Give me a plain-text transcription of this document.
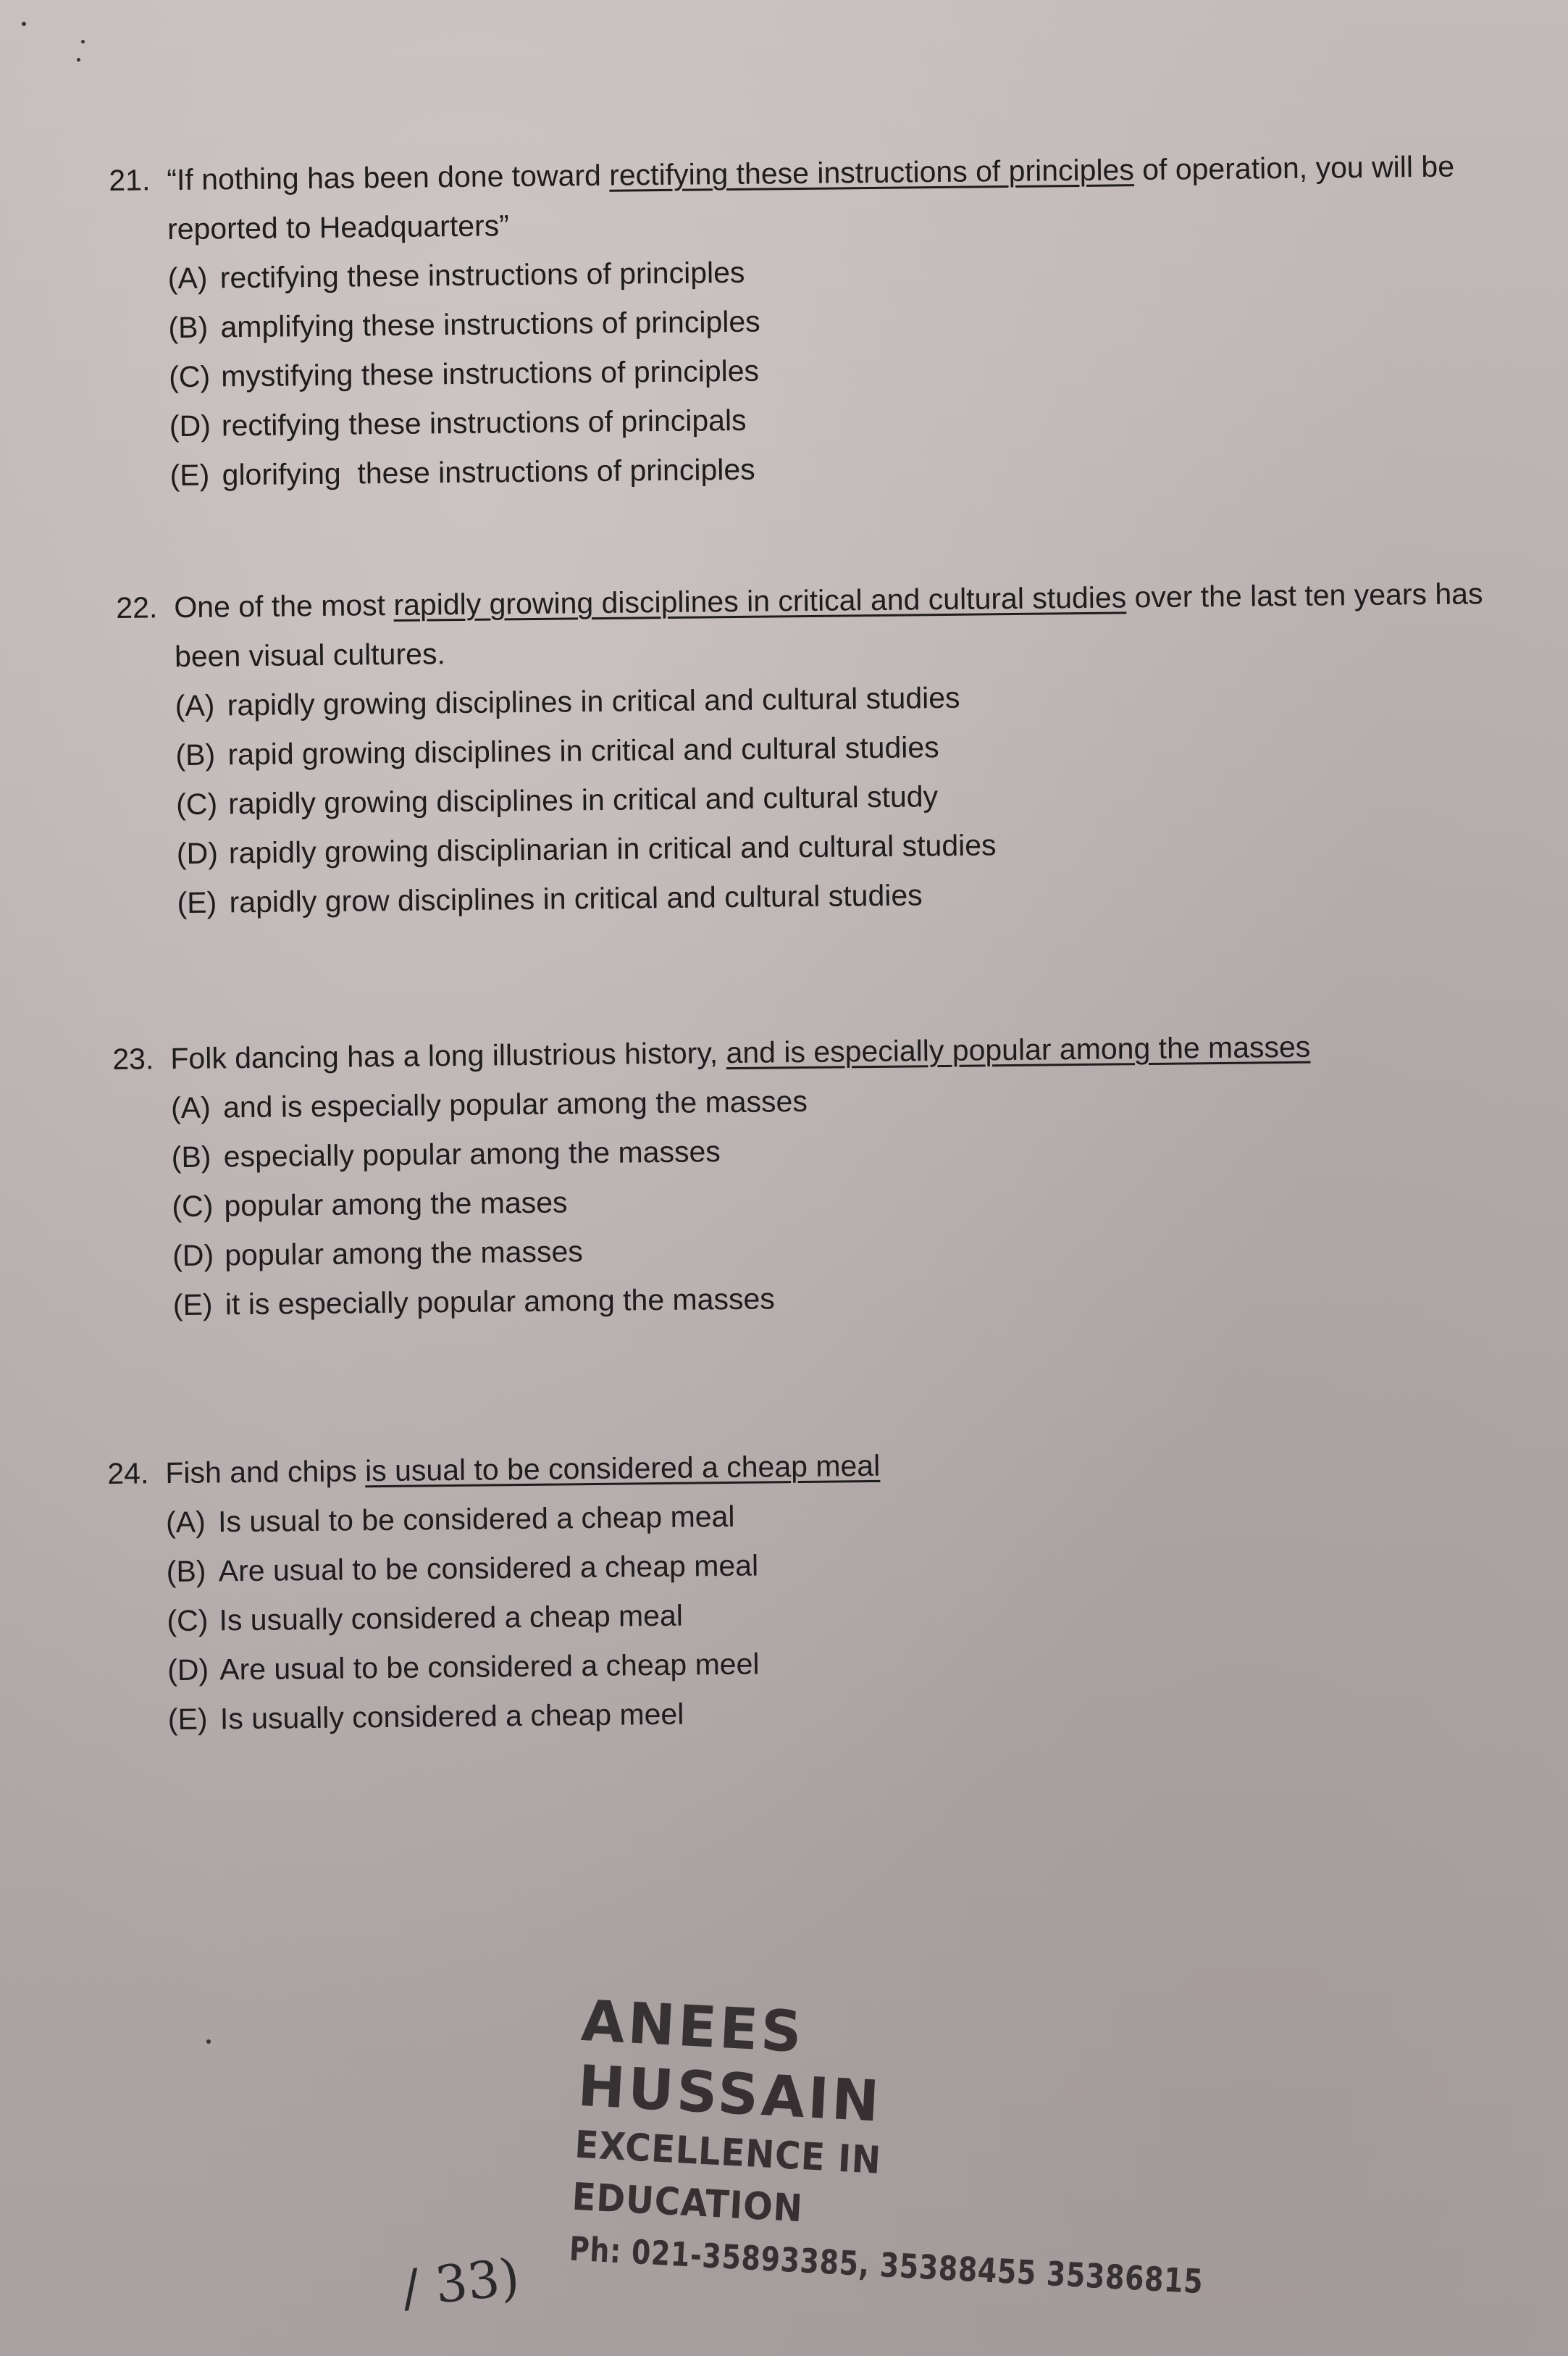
21. “If nothing has been done toward rectifying these instructions of principles of operation, you will be reported to Headquarters”

(A) rectifying these instructions of principles
(B) amplifying these instructions of principles
(C) mystifying these instructions of principles
(D) rectifying these instructions of principals
(E) glorifying  these instructions of principles

22. One of the most rapidly growing disciplines in critical and cultural studies over the last ten years has been visual cultures.

(A) rapidly growing disciplines in critical and cultural studies
(B) rapid growing disciplines in critical and cultural studies
(C) rapidly growing disciplines in critical and cultural study
(D) rapidly growing disciplinarian in critical and cultural studies
(E) rapidly grow disciplines in critical and cultural studies

23. Folk dancing has a long illustrious history, and is especially popular among the masses

(A) and is especially popular among the masses
(B) especially popular among the masses
(C) popular among the mases
(D) popular among the masses
(E) it is especially popular among the masses

24. Fish and chips is usual to be considered a cheap meal

(A) Is usual to be considered a cheap meal
(B) Are usual to be considered a cheap meal
(C) Is usually considered a cheap meal
(D) Are usual to be considered a cheap meel
(E) Is usually considered a cheap meel
ANEES HUSSAIN
EXCELLENCE IN EDUCATION
Ph: 021-35893385, 35388455 35386815
/ 33)
